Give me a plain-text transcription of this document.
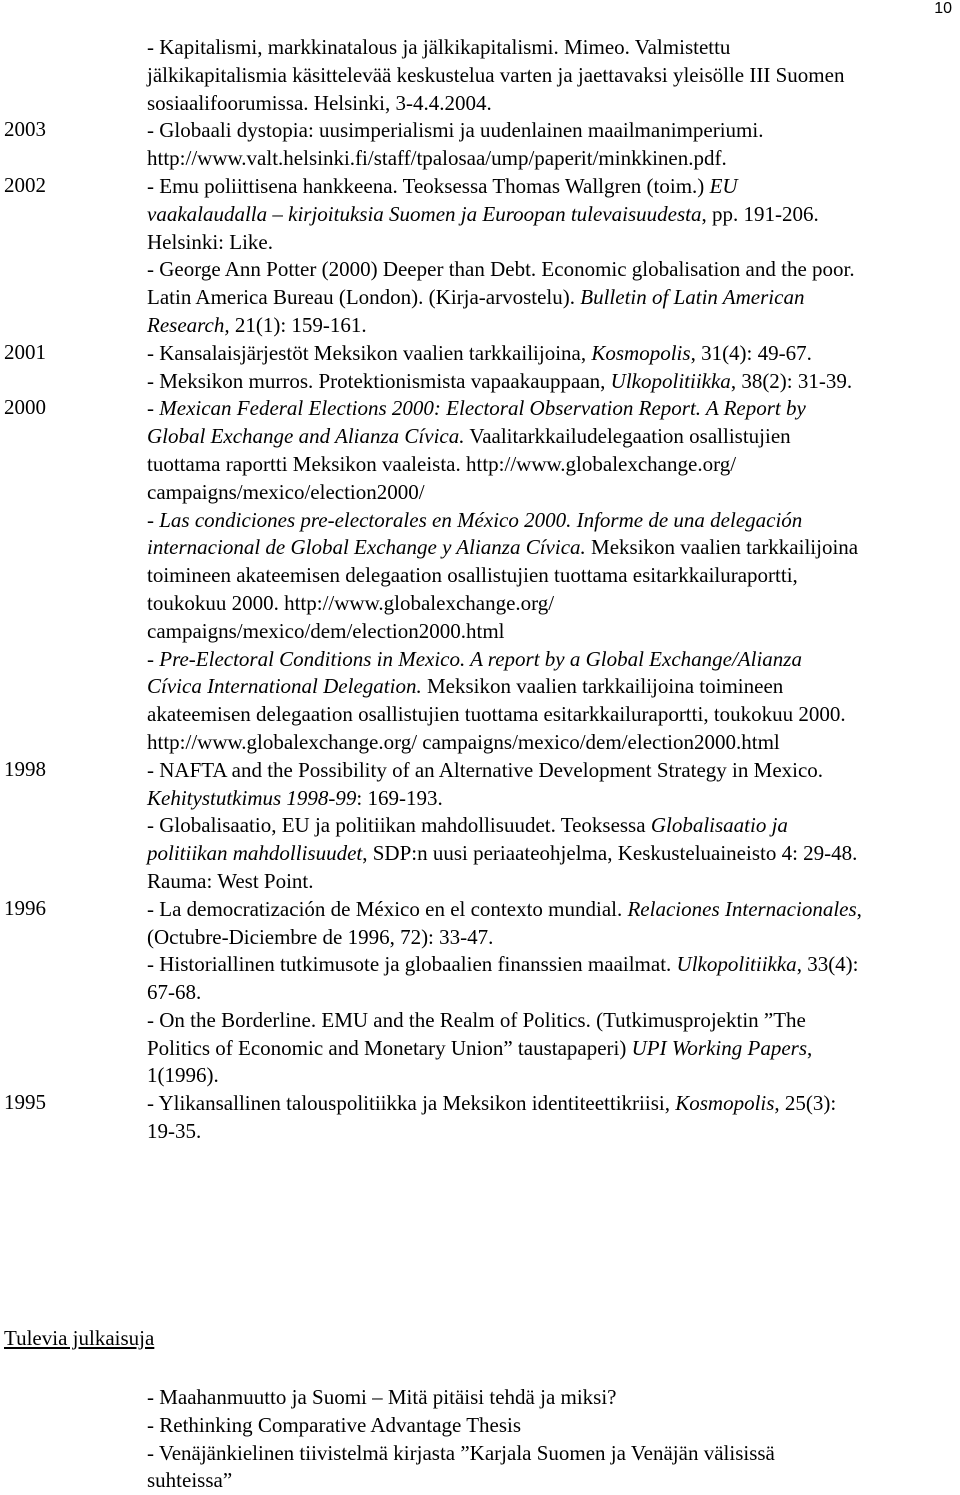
10
- Kapitalismi, markkinatalous ja jälkikapitalismi. Mimeo. Valmistettu jälkikapitalismia käsittelevää keskustelua varten ja jaettavaksi yleisölle III Suomen sosiaalifoorumissa. Helsinki, 3-4.4.2004.
2003	- Globaali dystopia: uusimperialismi ja uudenlainen maailmanimperiumi. http://www.valt.helsinki.fi/staff/tpalosaa/ump/paperit/minkkinen.pdf.
2002	- Emu poliittisena hankkeena. Teoksessa Thomas Wallgren (toim.) EU vaakalaudalla – kirjoituksia Suomen ja Euroopan tulevaisuudesta, pp. 191-206. Helsinki: Like.
- George Ann Potter (2000) Deeper than Debt. Economic globalisation and the poor. Latin America Bureau (London). (Kirja-arvostelu). Bulletin of Latin American Research, 21(1): 159-161.
2001	- Kansalaisjärjestöt Meksikon vaalien tarkkailijoina, Kosmopolis, 31(4): 49-67.
- Meksikon murros. Protektionismista vapaakauppaan, Ulkopolitiikka, 38(2): 31-39.
2000	- Mexican Federal Elections 2000: Electoral Observation Report. A Report by Global Exchange and Alianza Cívica. Vaalitarkkailudelegaation osallistujien tuottama raportti Meksikon vaaleista. http://www.globalexchange.org/ campaigns/mexico/election2000/
- Las condiciones pre-electorales en México 2000. Informe de una delegación internacional de Global Exchange y Alianza Cívica. Meksikon vaalien tarkkailijoina toimineen akateemisen delegaation osallistujien tuottama esitarkkailuraportti, toukokuu 2000. http://www.globalexchange.org/ campaigns/mexico/dem/election2000.html
- Pre-Electoral Conditions in Mexico. A report by a Global Exchange/Alianza Cívica International Delegation. Meksikon vaalien tarkkailijoina toimineen akateemisen delegaation osallistujien tuottama esitarkkailuraportti, toukokuu 2000. http://www.globalexchange.org/ campaigns/mexico/dem/election2000.html
1998	- NAFTA and the Possibility of an Alternative Development Strategy in Mexico. Kehitystutkimus 1998-99: 169-193.
- Globalisaatio, EU ja politiikan mahdollisuudet. Teoksessa Globalisaatio ja politiikan mahdollisuudet, SDP:n uusi periaateohjelma, Keskusteluaineisto 4: 29-48. Rauma: West Point.
1996	- La democratización de México en el contexto mundial. Relaciones Internacionales, (Octubre-Diciembre de 1996, 72): 33-47.
- Historiallinen tutkimusote ja globaalien finanssien maailmat. Ulkopolitiikka, 33(4): 67-68.
- On the Borderline. EMU and the Realm of Politics. (Tutkimusprojektin ”The Politics of Economic and Monetary Union” taustapaperi) UPI Working Papers, 1(1996).
1995	- Ylikansallinen talouspolitiikka ja Meksikon identiteettikriisi, Kosmopolis, 25(3): 19-35.
Tulevia julkaisuja
- Maahanmuutto ja Suomi – Mitä pitäisi tehdä ja miksi?
- Rethinking Comparative Advantage Thesis
- Venäjänkielinen tiivistelmä kirjasta ”Karjala Suomen ja Venäjän välisissä suhteissa”
